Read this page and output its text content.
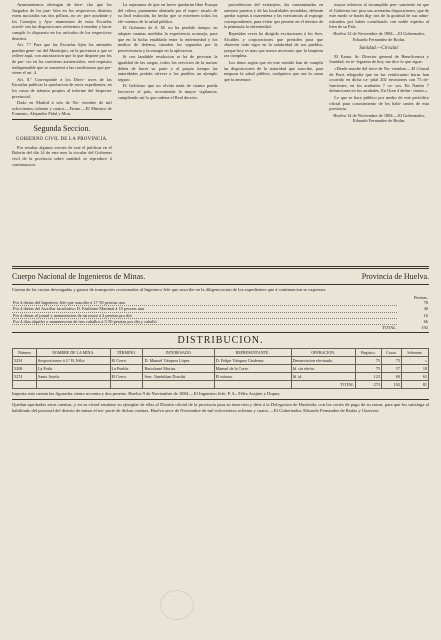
Ayuntamientos obtengan de dere- cho que los Juzgados de los pue- blos en los respectivos distritos esten asociadas sus dos pólizas, no as- pire ayudante y los Consejos y Ayu- ntamientos de estas Escuelas acredi- ten las disposiciones referentes á enseñar y hacer cumplir lo dispuesto en los artículos de los respectivos distritos.

Art. 7.º Para que las Escuelas fijen los animales puedan gene- rar del Municipio, en la provincia a que se refiere aquí, con autorizacion que lo que dispone por los de pre- cio en las carreteras asistenciales, será requisito indispensable que se someterá a las condiciones que pre- viene el art. 4.

Art. 8.º Corresponde á los Direc- tores de las Escuelas publicar la aprobacion de estos expedientes, en los casos de tránsito propios al informe del Inspector provincial.

Dado en Madrid á seis de No- viembre de mil ochocientos ochenta y cuatro.—Firmo.—El Ministro de Fomento, Alejandro Pidal y Mon.

Segunda Seccion.
GOBIERNO CIVIL DE LA PROVINCIA.

Por resultar algunos errores de este el publicar en el Boletin del día 14 de este mes la circular del Gobierno civil de la provincia sobre sanidad, se reproduce á continuacion:

La esperanza de que en breve quedarán libre Europa del cólera, justamente alentado por el espec- táculo de su fácil extinción, ha hecho que se extremen todos los ele- mentos de la salud pública.

El Gobierno de S. M. no ha perdido tiempo, en adoptar cuantas medidas la experiencia aconseja, para que en la lucha entablada entre la enfermedad y los medios de defensa, triunfen los segundos por la perseverancia y la energía en la aplicacion.

Si con laudable resolucion se ha de procurar la igualdad de las cargas, todos los servicios de la nacion deben de hacer su parte y al propio tiempo las autoridades podrán ofrecer a los pueblos un ejemplo seguro.

El Gobierno que no olvida nada de cuanto pueda favorecer al país, recomienda la mayor vigilancia, cumpliendo así lo que ordena el Real decreto.

procedencias del extranjero, las contaminadas en nuestros puertos y de las localidades invadidas, deberán quedar sujetas á cuarentena y las mercancías al expurgo correspondiente, para evitar que penetre en el interior de la península la enfermedad.

Repetidas veces he dirigido excitaciones á los Sres. Alcaldes y corporaciones que presiden para que observen todo rigor en la salubridad de sus pueblos, porque hoy es mas que nunca necesario que la limpieza sea completa.

Los datos según que en este sentido han de cumplir las disposiciones de la autoridad que suscribe, para asegurar la salud pública, cualquiera que sea la causa que la amenace.

mayor esfuerzo al incumplido pen- samiento en que el Gobierno ins- pira sus acertadas disposiciones, que de este modo se harán dig- nos de la gratitud de sus admi- nistrados por haber contribuido con noble espíritu al bien de su País.

Huelva 12 de Noviembre de 1884.—El Gobernador, Eduardo Fernandez de Rodas.
Sanidad.—Circular.

El Exmo. Sr. Director general de Beneficencia y Sanidad, en te- legrama de hoy, me dice lo que sigue:

«Desde anoche del trece de No- viembre.—El Cónsul de París telegrafía que en las veinticuatro horas han ocurrido en dicha ca- pital 202 invasiones con 75 de- funciones; en los arrabales 7 ca- sos. En Nantes 7 defunciones en los arrabales. En Oran 4 defun- ciones.»

Lo que se hace público por medio de este periódico oficial para conocimiento de los habi- tantes de esta provincia.

Huelva 14 de Noviembre de 1884.—El Gobernador, Eduardo Fernandez de Rodas.
Cuerpo Nacional de Ingenieros de Minas.	Provincia de Huelva.
Cuenta de las cuotas devengadas y gastos de transportes ocasionados al Ingeniero Jefe que suscribe en la diligenciacion de los expedientes que á continuacion se expresan:
	Pesetas.
Por 4 dietas del Ingeniero Jefe que suscribe á 17·50 pesetas una	70
Por 4 dietas del Auxiliar facultativo D. Emiliano Martinal á 10 pesetas una	40
Por 4 dietas al jornal y manutencion de un mozo á 4 pesetas por día	16
Por 4 días alquiler y manutencion de tres caballos á 5·50 pesetas por día y caballo	66
TOTAL	192
DISTRIBUCION.
Número	NOMBRE DE LA MINA.	TÉRMINO.	INTERESADO.	REPRESENTANTE.	OPERACION.	Registro.	Cuota.	Sobrante.
5254	Sexposiciones á 2.ª B. Félix	El Cerro.	D. Manuel Vázquez López	D. Felipe Vázquez Cárdenas.	Demarcacion efectuada.	75	75	»
5208	La Poda.	La Puebla.	Bartolomé Macias.	Manuel de la Corte.	Id. sin efecto.	75	57	18
5274	Santa Josefa.	El Cerro.	Sres. Vandelúan Dossihi.	El mismo.	Id. id.	123	60	63
					TOTAL	273	192	81
Importa esta cuenta las figuradas ciento noventa y dos pesetas. Huelva 9 de Noviembre de 1884.—El Ingeniero Jefe, P. A., Félix Arajine y Dupuy.
Quedan aprobadas estas cuentas, y en su virtud remítase su ejemplar de ellas al Distrito oficial de la provincia para su insercion y dése á la Delegacion de Hacienda, con los cortes de pago de su razon, para que los satisfaga al habilitado del personal del distrito de minas el im- porte de dichas cuentas. Huelva once de Noviembre de mil ochocientos ochenta y cuatro.—El Gobernador, Eduardo Fernandez de Rodas y Guerrero.
